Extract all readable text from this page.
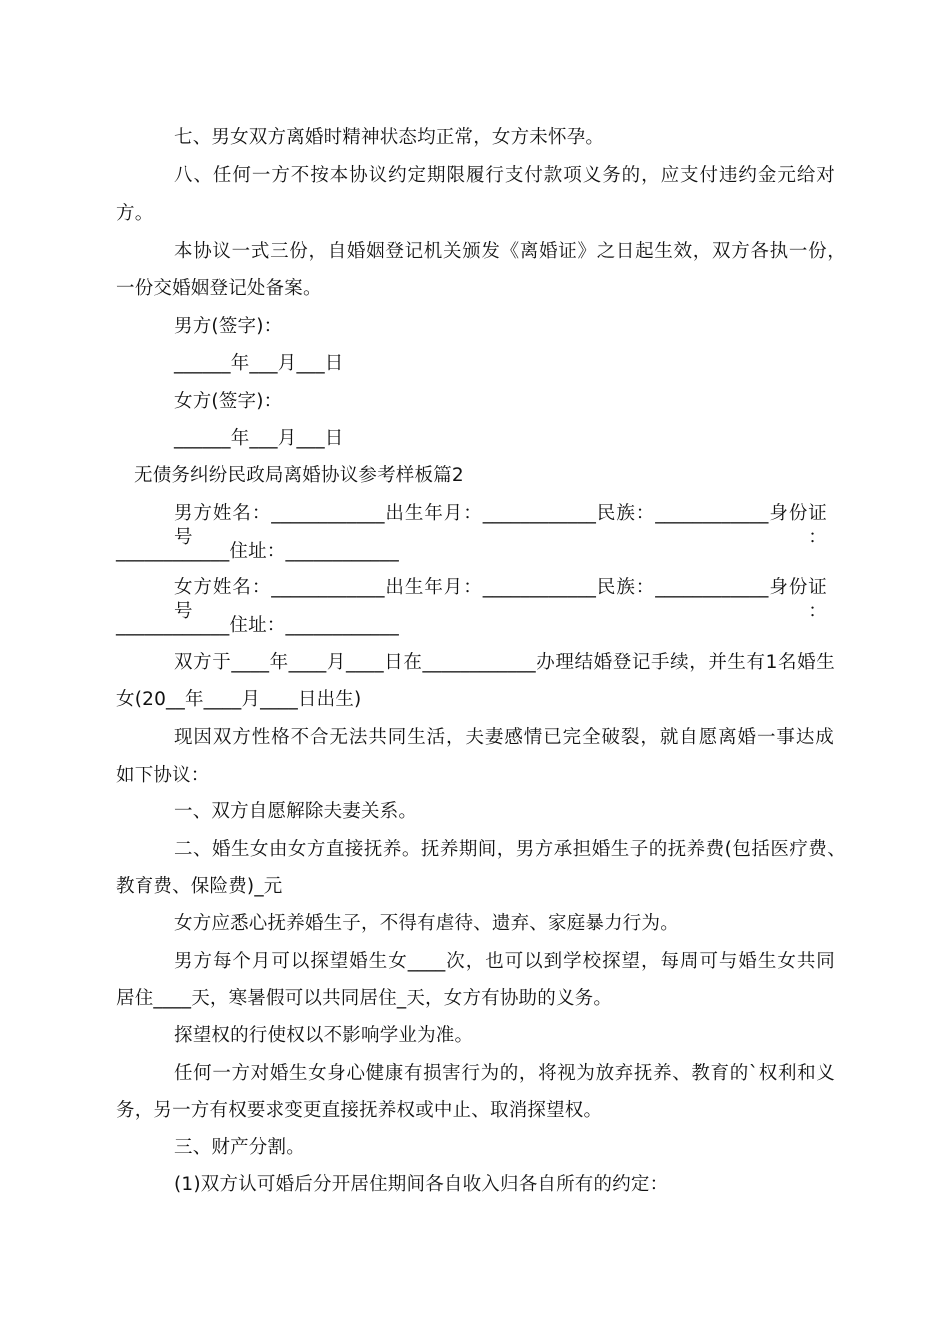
七、男女双方离婚时精神状态均正常，女方未怀孕。
八、任何一方不按本协议约定期限履行支付款项义务的，应支付违约金元给对
方。
本协议一式三份，自婚姻登记机关颁发《离婚证》之日起生效，双方各执一份，
一份交婚姻登记处备案。
男方(签字)：
______年___月___日
女方(签字)：
______年___月___日
无债务纠纷民政局离婚协议参考样板篇2
男方姓名：____________出生年月：____________民族：____________身份证号：
____________住址：____________
女方姓名：____________出生年月：____________民族：____________身份证号：
____________住址：____________
双方于____年____月____日在____________办理结婚登记手续，并生有1名婚生
女(20__年____月____日出生)
现因双方性格不合无法共同生活，夫妻感情已完全破裂，就自愿离婚一事达成
如下协议：
一、双方自愿解除夫妻关系。
二、婚生女由女方直接抚养。抚养期间，男方承担婚生子的抚养费(包括医疗费、
教育费、保险费)_元
女方应悉心抚养婚生子，不得有虐待、遗弃、家庭暴力行为。
男方每个月可以探望婚生女____次，也可以到学校探望，每周可与婚生女共同
居住____天，寒暑假可以共同居住_天，女方有协助的义务。
探望权的行使权以不影响学业为准。
任何一方对婚生女身心健康有损害行为的，将视为放弃抚养、教育的`权利和义
务，另一方有权要求变更直接抚养权或中止、取消探望权。
三、财产分割。
(1)双方认可婚后分开居住期间各自收入归各自所有的约定：
